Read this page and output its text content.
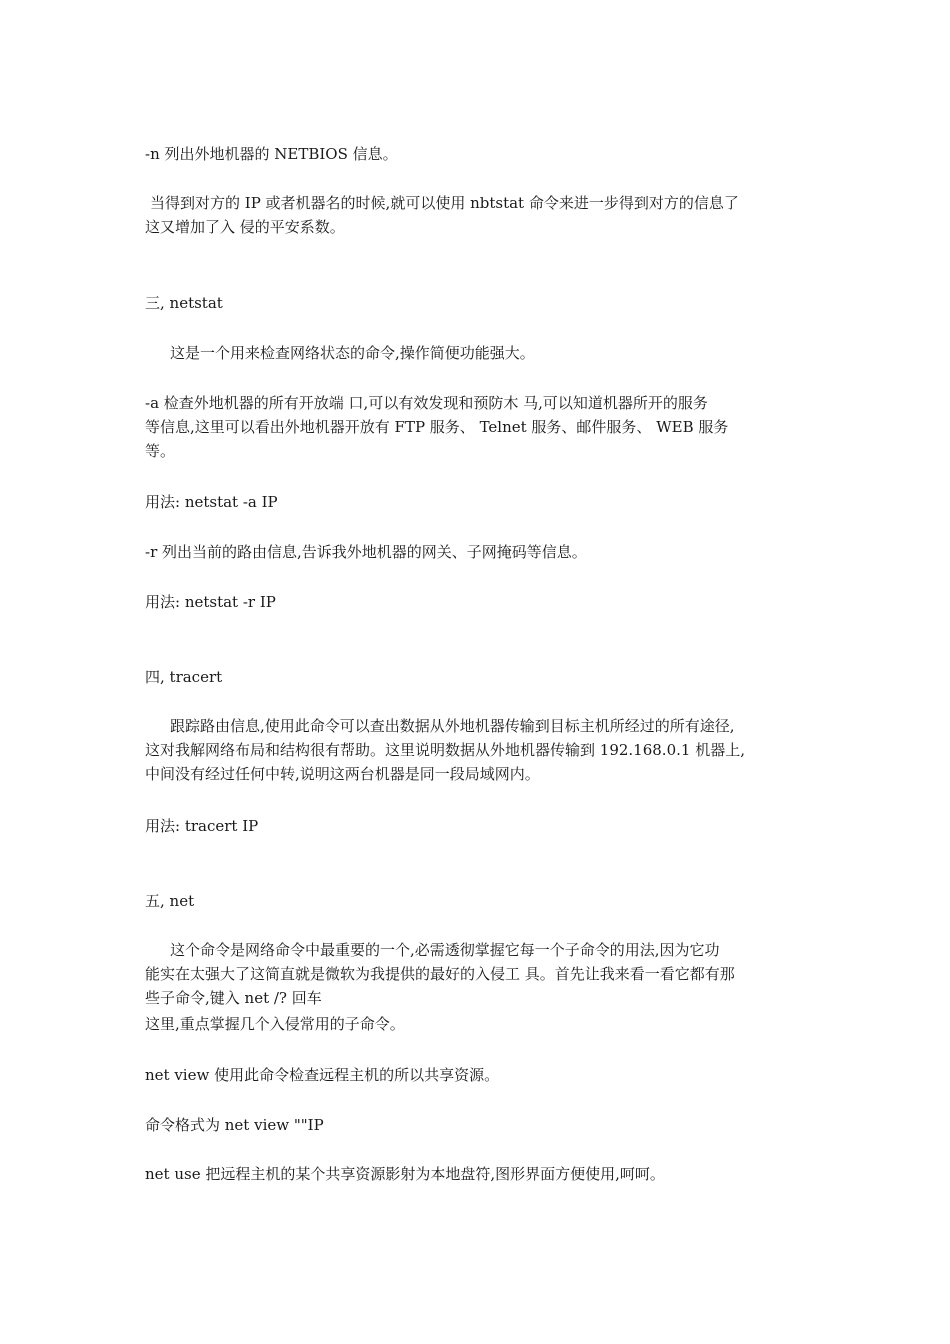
-n 列出外地机器的 NETBIOS 信息。
当得到对方的 IP 或者机器名的时候,就可以使用 nbtstat 命令来进一步得到对方的信息了
这又增加了入 侵的平安系数。
三, netstat
这是一个用来检查网络状态的命令,操作简便功能强大。
-a 检查外地机器的所有开放端 口,可以有效发现和预防木 马,可以知道机器所开的服务
等信息,这里可以看出外地机器开放有 FTP 服务、 Telnet 服务、邮件服务、 WEB 服务
等。
用法: netstat -a IP
-r 列出当前的路由信息,告诉我外地机器的网关、子网掩码等信息。
用法: netstat -r IP
四, tracert
跟踪路由信息,使用此命令可以查出数据从外地机器传输到目标主机所经过的所有途径,
这对我解网络布局和结构很有帮助。这里说明数据从外地机器传输到 192.168.0.1 机器上,
中间没有经过任何中转,说明这两台机器是同一段局域网内。
用法: tracert IP
五, net
这个命令是网络命令中最重要的一个,必需透彻掌握它每一个子命令的用法,因为它功
能实在太强大了这简直就是微软为我提供的最好的入侵工 具。首先让我来看一看它都有那
些子命令,键入 net /? 回车
这里,重点掌握几个入侵常用的子命令。
net view 使用此命令检查远程主机的所以共享资源。
命令格式为 net view ""IP
net use 把远程主机的某个共享资源影射为本地盘符,图形界面方便使用,呵呵。
